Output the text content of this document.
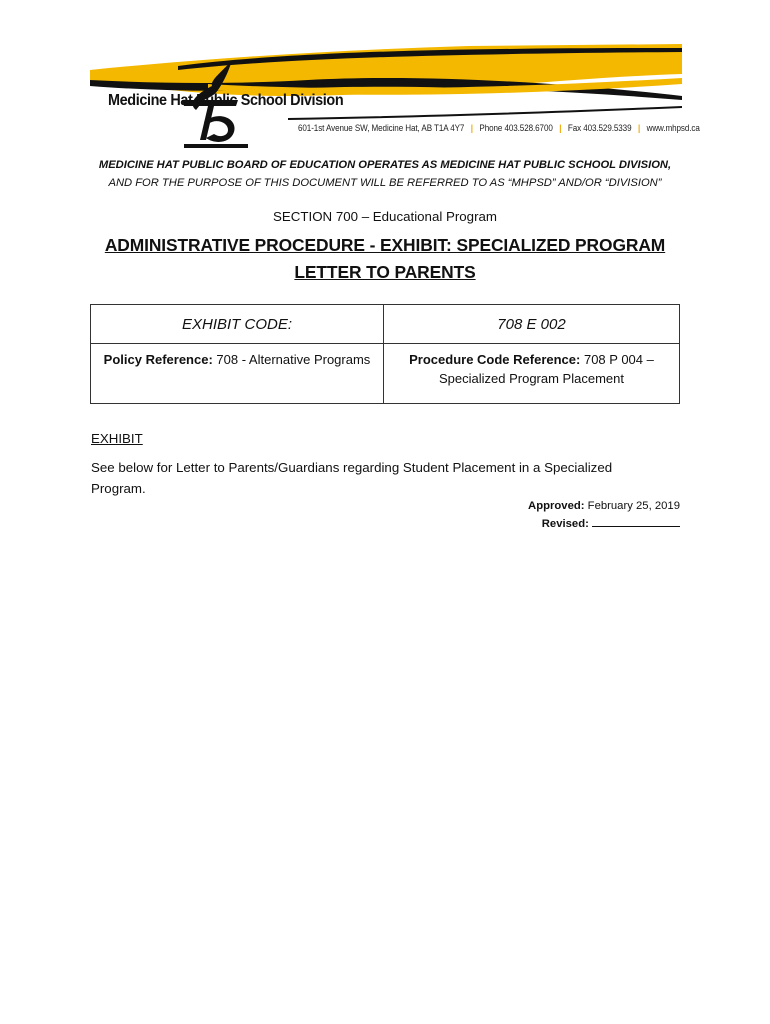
Medicine Hat Public School Division
601-1st Avenue SW, Medicine Hat, AB T1A 4Y7 | Phone 403.528.6700 | Fax 403.529.5339 | www.mhpsd.ca
MEDICINE HAT PUBLIC BOARD OF EDUCATION OPERATES AS MEDICINE HAT PUBLIC SCHOOL DIVISION,
AND FOR THE PURPOSE OF THIS DOCUMENT WILL BE REFERRED TO AS “MHPSD” AND/OR “DIVISION”
SECTION 700 – Educational Program
ADMINISTRATIVE PROCEDURE - EXHIBIT: SPECIALIZED PROGRAM
LETTER TO PARENTS
EXHIBIT CODE:	708 E 002
Policy Reference: 708 - Alternative Programs	Procedure Code Reference: 708 P 004 –
Specialized Program Placement
EXHIBIT
See below for Letter to Parents/Guardians regarding Student Placement in a Specialized Program.
Approved: February 25, 2019
Revised:
